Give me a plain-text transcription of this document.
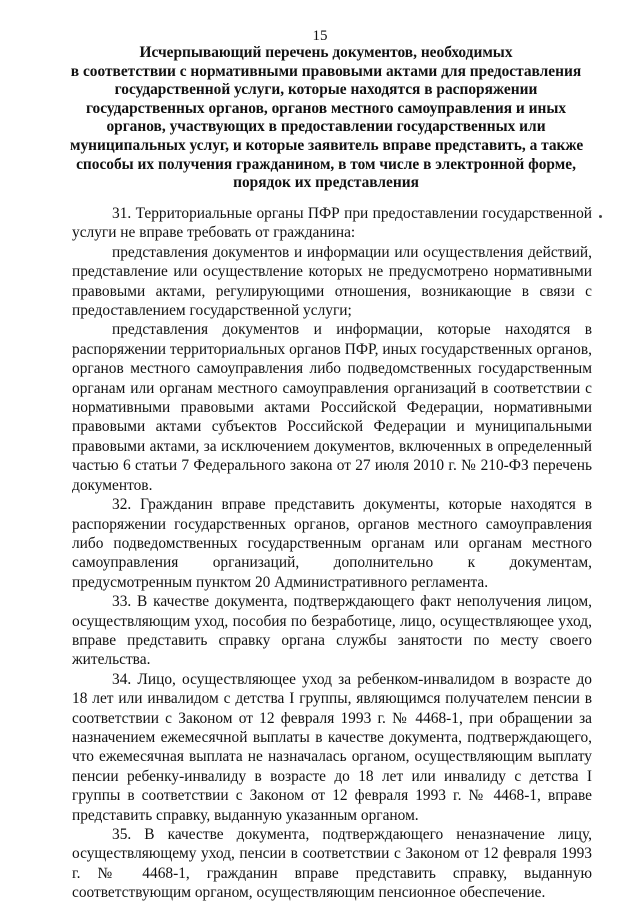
15
Исчерпывающий перечень документов, необходимых
в соответствии с нормативными правовыми актами для предоставления
государственной услуги, которые находятся в распоряжении
государственных органов, органов местного самоуправления и иных
органов, участвующих в предоставлении государственных или
муниципальных услуг, и которые заявитель вправе представить, а также
способы их получения гражданином, в том числе в электронной форме,
порядок их представления

31. Территориальные органы ПФР при предоставлении государственной услуги не вправе требовать от гражданина:

представления документов и информации или осуществления действий, представление или осуществление которых не предусмотрено нормативными правовыми актами, регулирующими отношения, возникающие в связи с предоставлением государственной услуги;

представления документов и информации, которые находятся в распоряжении территориальных органов ПФР, иных государственных органов, органов местного самоуправления либо подведомственных государственным органам или органам местного самоуправления организаций в соответствии с нормативными правовыми актами Российской Федерации, нормативными правовыми актами субъектов Российской Федерации и муниципальными правовыми актами, за исключением документов, включенных в определенный частью 6 статьи 7 Федерального закона от 27 июля 2010 г. № 210-ФЗ перечень документов.

32. Гражданин вправе представить документы, которые находятся в распоряжении государственных органов, органов местного самоуправления либо подведомственных государственным органам или органам местного самоуправления организаций, дополнительно к документам, предусмотренным пунктом 20 Административного регламента.

33. В качестве документа, подтверждающего факт неполучения лицом, осуществляющим уход, пособия по безработице, лицо, осуществляющее уход, вправе представить справку органа службы занятости по месту своего жительства.

34. Лицо, осуществляющее уход за ребенком-инвалидом в возрасте до 18 лет или инвалидом с детства I группы, являющимся получателем пенсии в соответствии с Законом от 12 февраля 1993 г. № 4468-1, при обращении за назначением ежемесячной выплаты в качестве документа, подтверждающего, что ежемесячная выплата не назначалась органом, осуществляющим выплату пенсии ребенку-инвалиду в возрасте до 18 лет или инвалиду с детства I группы в соответствии с Законом от 12 февраля 1993 г. № 4468-1, вправе представить справку, выданную указанным органом.

35. В качестве документа, подтверждающего неназначение лицу, осуществляющему уход, пенсии в соответствии с Законом от 12 февраля 1993 г. № 4468-1, гражданин вправе представить справку, выданную соответствующим органом, осуществляющим пенсионное обеспечение.
